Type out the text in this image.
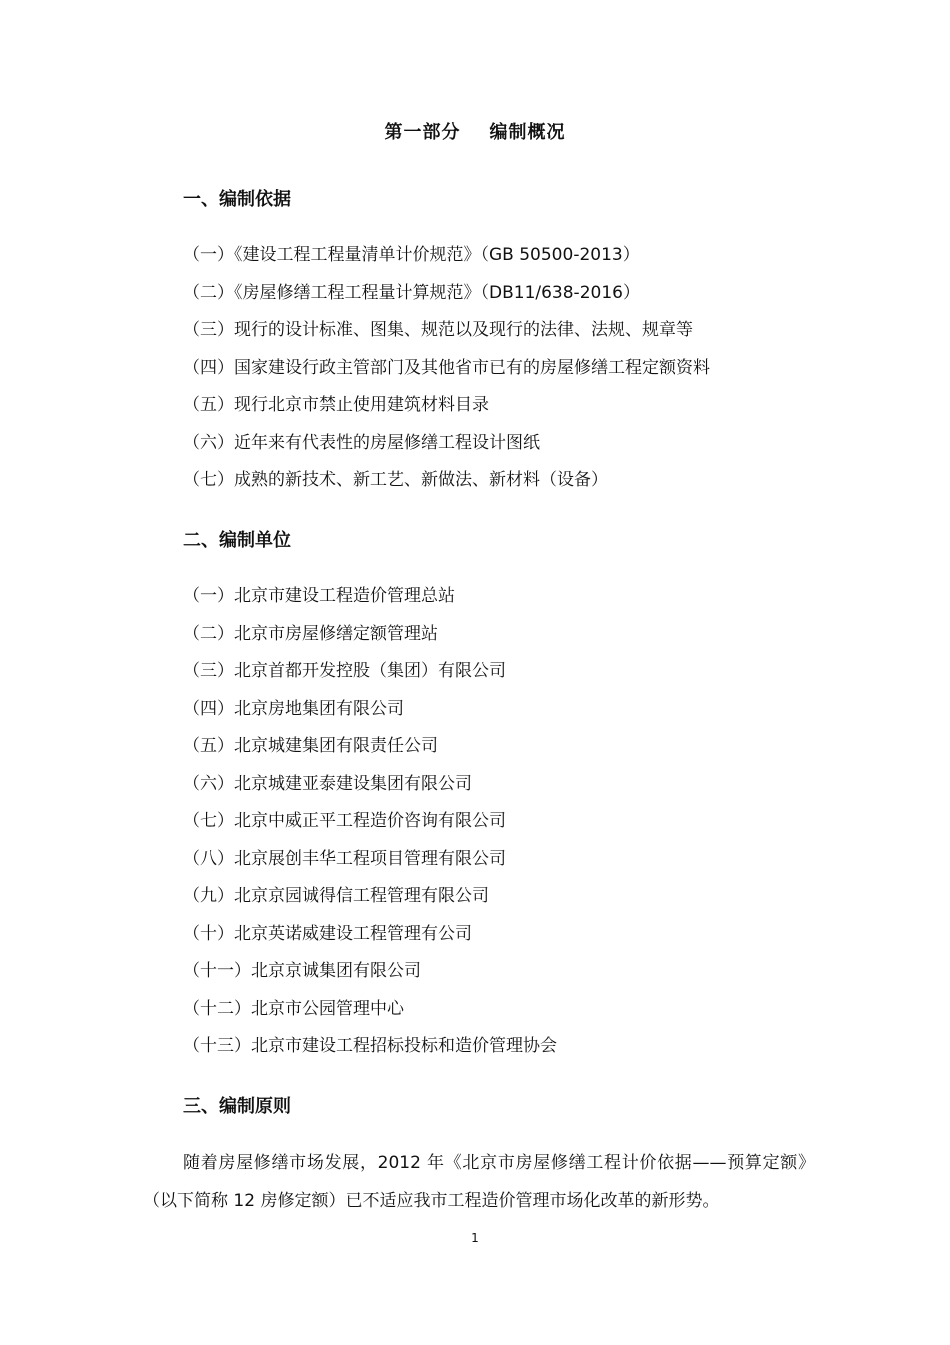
第一部分    编制概况
一、编制依据
（一）《建设工程工程量清单计价规范》（GB 50500-2013）
（二）《房屋修缮工程工程量计算规范》（DB11/638-2016）
（三）现行的设计标准、图集、规范以及现行的法律、法规、规章等
（四）国家建设行政主管部门及其他省市已有的房屋修缮工程定额资料
（五）现行北京市禁止使用建筑材料目录
（六）近年来有代表性的房屋修缮工程设计图纸
（七）成熟的新技术、新工艺、新做法、新材料（设备）
二、编制单位
（一）北京市建设工程造价管理总站
（二）北京市房屋修缮定额管理站
（三）北京首都开发控股（集团）有限公司
（四）北京房地集团有限公司
（五）北京城建集团有限责任公司
（六）北京城建亚泰建设集团有限公司
（七）北京中威正平工程造价咨询有限公司
（八）北京展创丰华工程项目管理有限公司
（九）北京京园诚得信工程管理有限公司
（十）北京英诺威建设工程管理有公司
（十一）北京京诚集团有限公司
（十二）北京市公园管理中心
（十三）北京市建设工程招标投标和造价管理协会
三、编制原则

随着房屋修缮市场发展，2012 年《北京市房屋修缮工程计价依据——预算定额》（以下简称 12 房修定额）已不适应我市工程造价管理市场化改革的新形势。

1
